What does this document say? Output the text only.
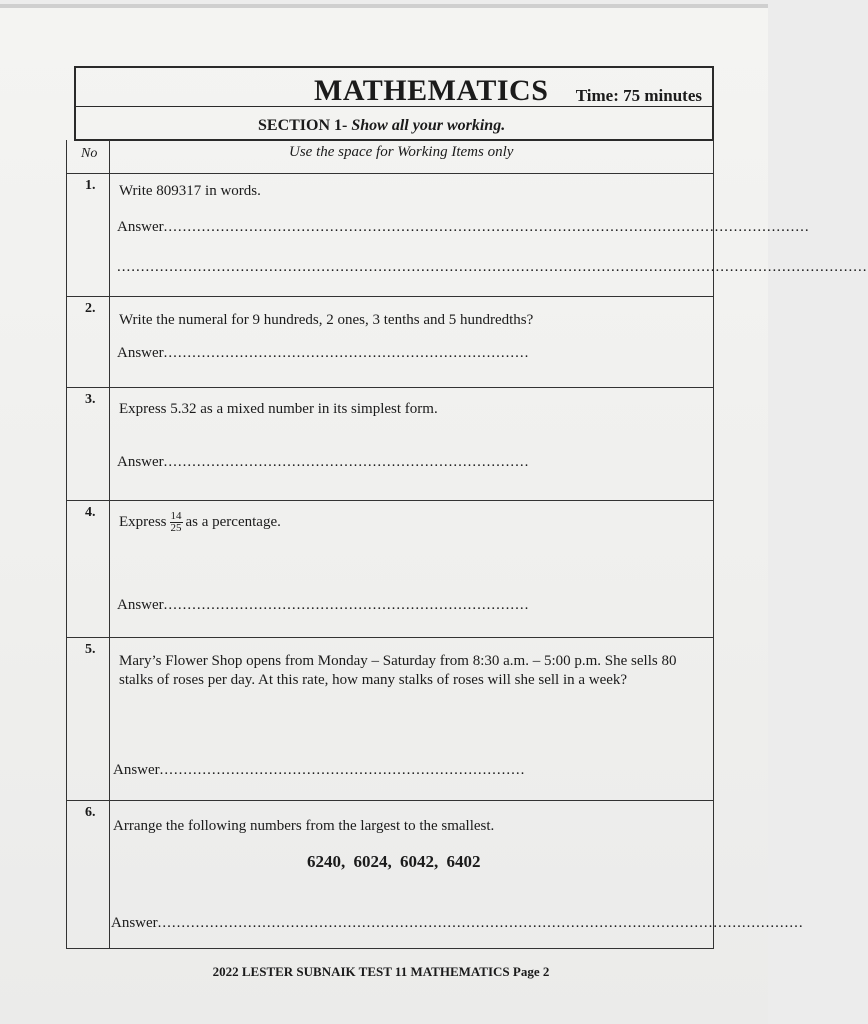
MATHEMATICS Time: 75 minutes
SECTION 1- Show all your working.
No	Use the space for Working Items only
1. Write 809317 in words.
Answer........................................................................................................................................
..............................................................................................................................................................
2.
Write the numeral for 9 hundreds, 2 ones, 3 tenths and 5 hundredths?
Answer.............................................................................
3.
Express 5.32 as a mixed number in its simplest form.
Answer.............................................................................
4.
Express $\frac{14}{25}$ as a percentage.
Answer.............................................................................
5.
Mary’s Flower Shop opens from Monday – Saturday from 8:30 a.m. – 5:00 p.m. She sells 80 stalks of roses per day. At this rate, how many stalks of roses will she sell in a week?
Answer.............................................................................
6.
Arrange the following numbers from the largest to the smallest.
6240, 6024, 6042, 6402
Answer........................................................................................................................................
2022 LESTER SUBNAIK TEST 11 MATHEMATICS Page 2
